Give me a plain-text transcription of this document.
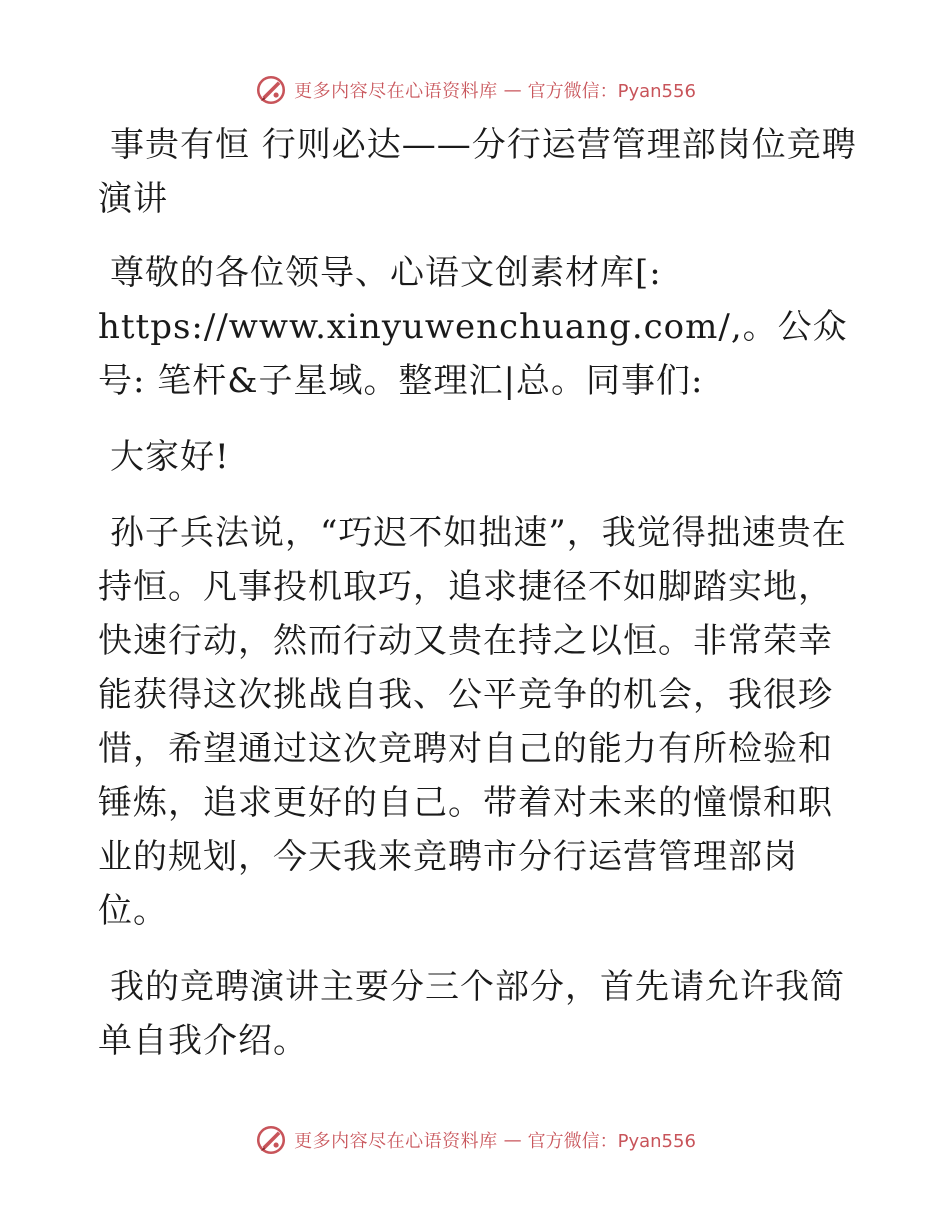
更多内容尽在心语资料库 — 官方微信：Pyan556

事贵有恒 行则必达——分行运营管理部岗位竞聘演讲

尊敬的各位领导、心语文创素材库[: https://www.xinyuwenchuang.com/,。公众号: 笔杆&子星域。整理汇|总。同事们:

大家好!

孙子兵法说，“巧迟不如拙速”，我觉得拙速贵在持恒。凡事投机取巧，追求捷径不如脚踏实地，快速行动，然而行动又贵在持之以恒。非常荣幸能获得这次挑战自我、公平竞争的机会，我很珍惜，希望通过这次竞聘对自己的能力有所检验和锤炼，追求更好的自己。带着对未来的憧憬和职业的规划，今天我来竞聘市分行运营管理部岗位。

我的竞聘演讲主要分三个部分，首先请允许我简单自我介绍。

更多内容尽在心语资料库 — 官方微信：Pyan556
